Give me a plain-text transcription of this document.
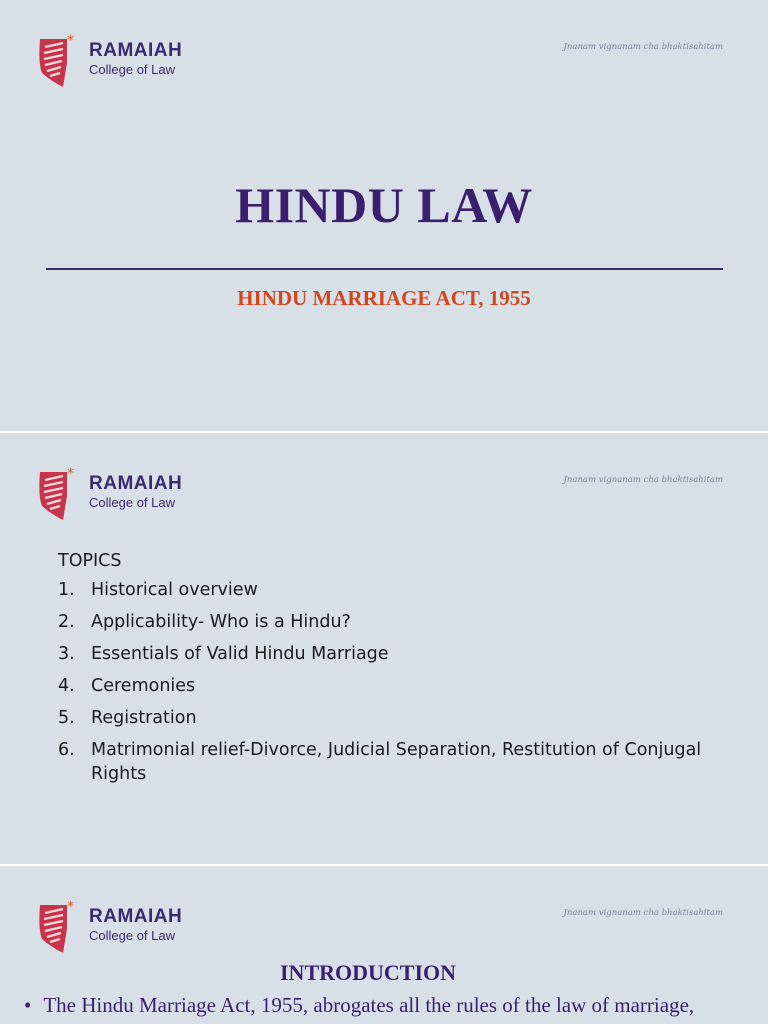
* RAMAIAH
College of Law
Jnanam vignanam cha bhaktisahitam
HINDU LAW
HINDU MARRIAGE ACT, 1955
* RAMAIAH
College of Law
Jnanam vignanam cha bhaktisahitam
TOPICS
1. Historical overview
2. Applicability- Who is a Hindu?
3. Essentials of Valid Hindu Marriage
4. Ceremonies
5. Registration
6. Matrimonial relief-Divorce, Judicial Separation, Restitution of Conjugal Rights
* RAMAIAH
College of Law
Jnanam vignanam cha bhaktisahitam
INTRODUCTION
• The Hindu Marriage Act, 1955, abrogates all the rules of the law of marriage,
